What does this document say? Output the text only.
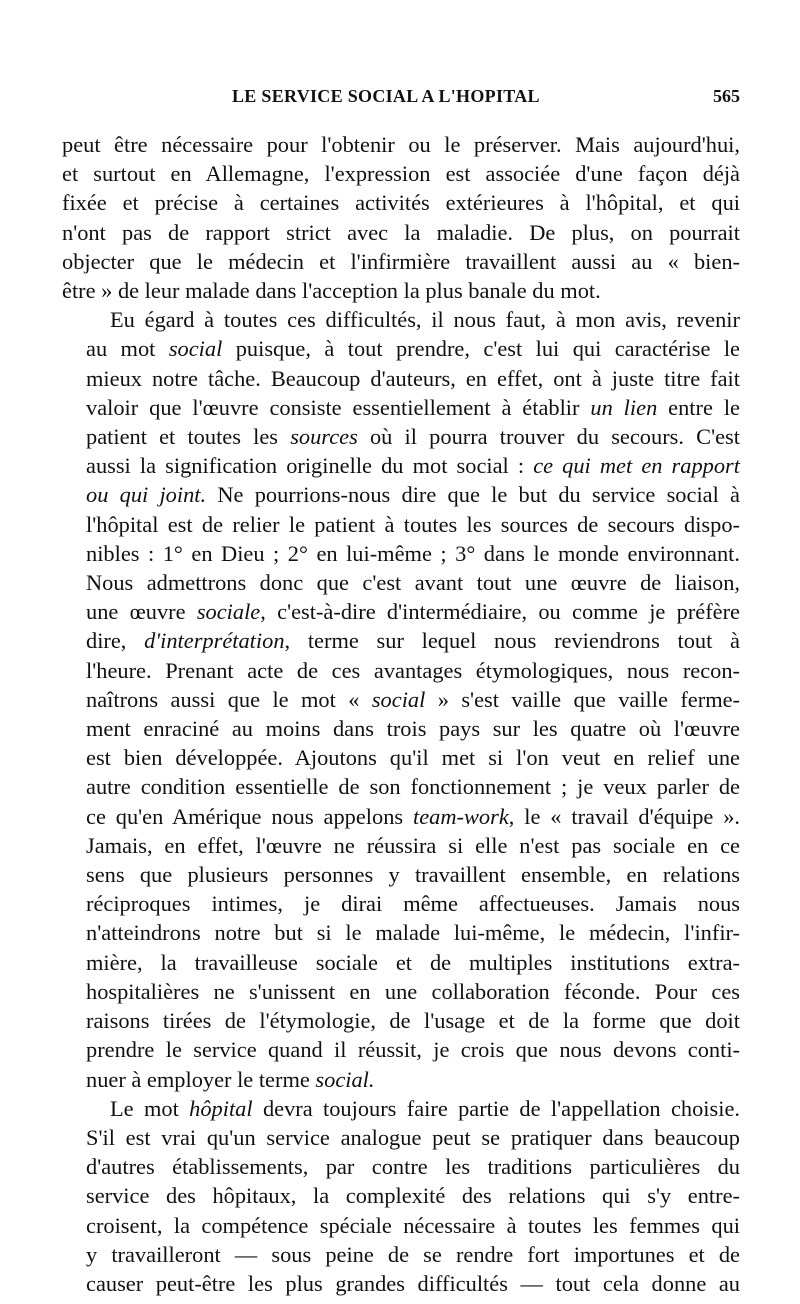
LE SERVICE SOCIAL A L'HOPITAL	565
peut être nécessaire pour l'obtenir ou le préserver. Mais aujourd'hui,
et surtout en Allemagne, l'expression est associée d'une façon déjà
fixée et précise à certaines activités extérieures à l'hôpital, et qui
n'ont pas de rapport strict avec la maladie. De plus, on pourrait
objecter que le médecin et l'infirmière travaillent aussi au « bien-
être » de leur malade dans l'acception la plus banale du mot.
Eu égard à toutes ces difficultés, il nous faut, à mon avis, revenir
au mot social puisque, à tout prendre, c'est lui qui caractérise le
mieux notre tâche. Beaucoup d'auteurs, en effet, ont à juste titre fait
valoir que l'œuvre consiste essentiellement à établir un lien entre le
patient et toutes les sources où il pourra trouver du secours. C'est
aussi la signification originelle du mot social : ce qui met en rapport
ou qui joint. Ne pourrions-nous dire que le but du service social à
l'hôpital est de relier le patient à toutes les sources de secours dispo-
nibles : 1° en Dieu ; 2° en lui-même ; 3° dans le monde environnant.
Nous admettrons donc que c'est avant tout une œuvre de liaison,
une œuvre sociale, c'est-à-dire d'intermédiaire, ou comme je préfère
dire, d'interprétation, terme sur lequel nous reviendrons tout à
l'heure. Prenant acte de ces avantages étymologiques, nous recon-
naîtrons aussi que le mot « social » s'est vaille que vaille ferme-
ment enraciné au moins dans trois pays sur les quatre où l'œuvre
est bien développée. Ajoutons qu'il met si l'on veut en relief une
autre condition essentielle de son fonctionnement ; je veux parler de
ce qu'en Amérique nous appelons team-work, le « travail d'équipe ».
Jamais, en effet, l'œuvre ne réussira si elle n'est pas sociale en ce
sens que plusieurs personnes y travaillent ensemble, en relations
réciproques intimes, je dirai même affectueuses. Jamais nous
n'atteindrons notre but si le malade lui-même, le médecin, l'infir-
mière, la travailleuse sociale et de multiples institutions extra-
hospitalières ne s'unissent en une collaboration féconde. Pour ces
raisons tirées de l'étymologie, de l'usage et de la forme que doit
prendre le service quand il réussit, je crois que nous devons conti-
nuer à employer le terme social.
Le mot hôpital devra toujours faire partie de l'appellation choisie.
S'il est vrai qu'un service analogue peut se pratiquer dans beaucoup
d'autres établissements, par contre les traditions particulières du
service des hôpitaux, la complexité des relations qui s'y entre-
croisent, la compétence spéciale nécessaire à toutes les femmes qui
y travailleront — sous peine de se rendre fort importunes et de
causer peut-être les plus grandes difficultés — tout cela donne au
